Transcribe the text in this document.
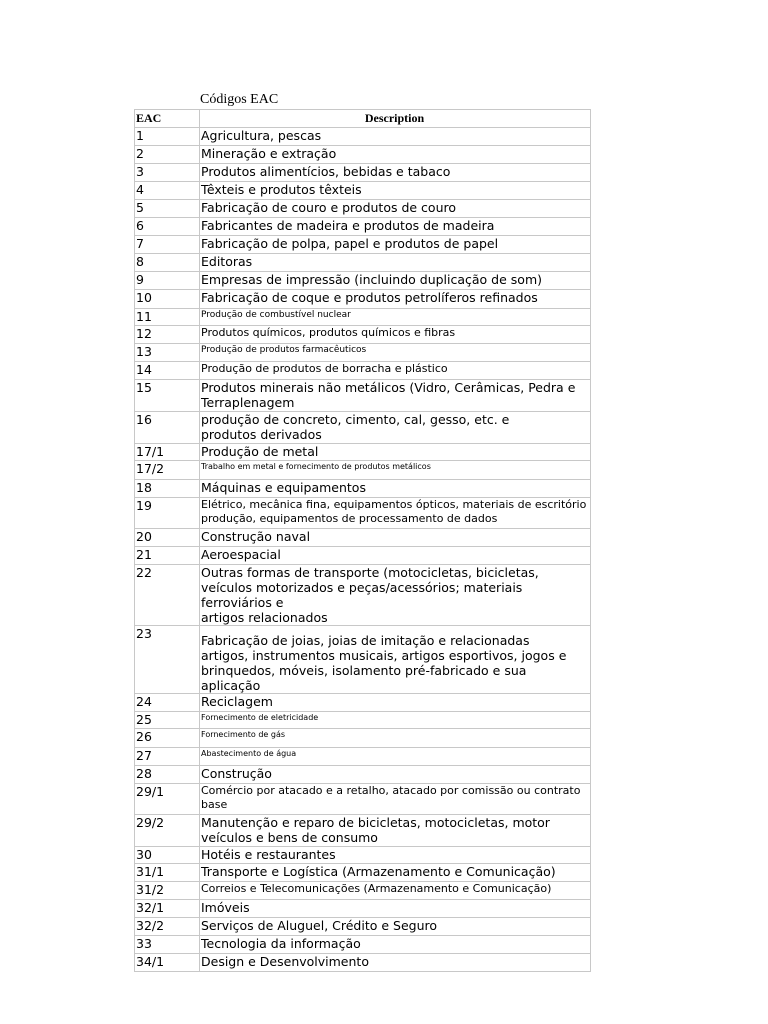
Códigos EAC
EAC	Description
1	Agricultura, pescas
2	Mineração e extração
3	Produtos alimentícios, bebidas e tabaco
4	Têxteis e produtos têxteis
5	Fabricação de couro e produtos de couro
6	Fabricantes de madeira e produtos de madeira
7	Fabricação de polpa, papel e produtos de papel
8	Editoras
9	Empresas de impressão (incluindo duplicação de som)
10	Fabricação de coque e produtos petrolíferos refinados
11	Produção de combustível nuclear
12	Produtos químicos, produtos químicos e fibras
13	Produção de produtos farmacêuticos
14	Produção de produtos de borracha e plástico
15	Produtos minerais não metálicos (Vidro, Cerâmicas, Pedra e
Terraplenagem
16	produção de concreto, cimento, cal, gesso, etc. e
produtos derivados
17/1	Produção de metal
17/2	Trabalho em metal e fornecimento de produtos metálicos
18	Máquinas e equipamentos
19	Elétrico, mecânica fina, equipamentos ópticos, materiais de escritório
produção, equipamentos de processamento de dados
20	Construção naval
21	Aeroespacial
22	Outras formas de transporte (motocicletas, bicicletas,
veículos motorizados e peças/acessórios; materiais ferroviários e
artigos relacionados
23	Fabricação de joias, joias de imitação e relacionadas
artigos, instrumentos musicais, artigos esportivos, jogos e
brinquedos, móveis, isolamento pré-fabricado e sua aplicação
24	Reciclagem
25	Fornecimento de eletricidade
26	Fornecimento de gás
27	Abastecimento de água
28	Construção
29/1	Comércio por atacado e a retalho, atacado por comissão ou contrato
base
29/2	Manutenção e reparo de bicicletas, motocicletas, motor
veículos e bens de consumo
30	Hotéis e restaurantes
31/1	Transporte e Logística (Armazenamento e Comunicação)
31/2	Correios e Telecomunicações (Armazenamento e Comunicação)
32/1	Imóveis
32/2	Serviços de Aluguel, Crédito e Seguro
33	Tecnologia da informação
34/1	Design e Desenvolvimento
